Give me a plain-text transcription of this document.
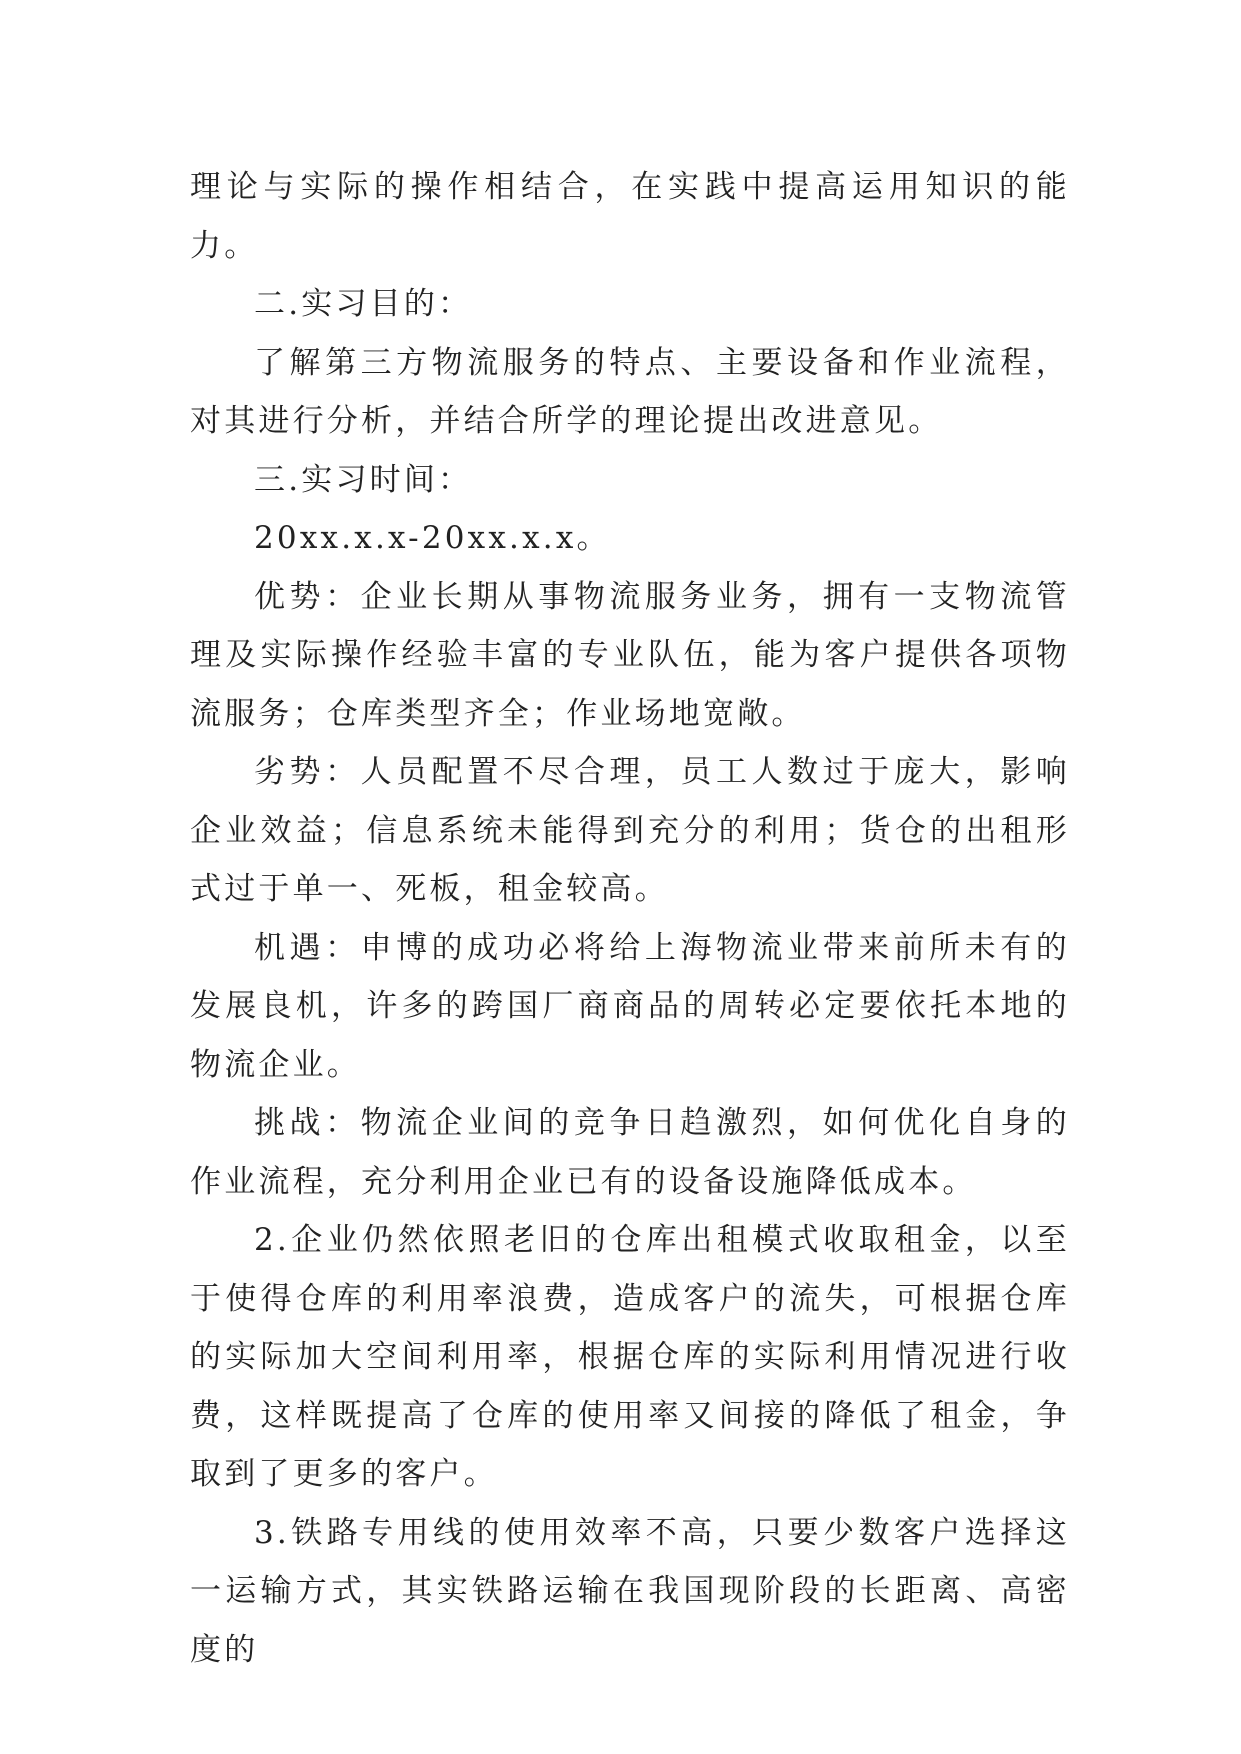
理论与实际的操作相结合，在实践中提高运用知识的能力。

二.实习目的：

了解第三方物流服务的特点、主要设备和作业流程，对其进行分析，并结合所学的理论提出改进意见。

三.实习时间：

20xx.x.x-20xx.x.x。

优势：企业长期从事物流服务业务，拥有一支物流管理及实际操作经验丰富的专业队伍，能为客户提供各项物流服务；仓库类型齐全；作业场地宽敞。

劣势：人员配置不尽合理，员工人数过于庞大，影响企业效益；信息系统未能得到充分的利用；货仓的出租形式过于单一、死板，租金较高。

机遇：申博的成功必将给上海物流业带来前所未有的发展良机，许多的跨国厂商商品的周转必定要依托本地的物流企业。

挑战：物流企业间的竞争日趋激烈，如何优化自身的作业流程，充分利用企业已有的设备设施降低成本。

2.企业仍然依照老旧的仓库出租模式收取租金，以至于使得仓库的利用率浪费，造成客户的流失，可根据仓库的实际加大空间利用率，根据仓库的实际利用情况进行收费，这样既提高了仓库的使用率又间接的降低了租金，争取到了更多的客户。

3.铁路专用线的使用效率不高，只要少数客户选择这一运输方式，其实铁路运输在我国现阶段的长距离、高密度的
